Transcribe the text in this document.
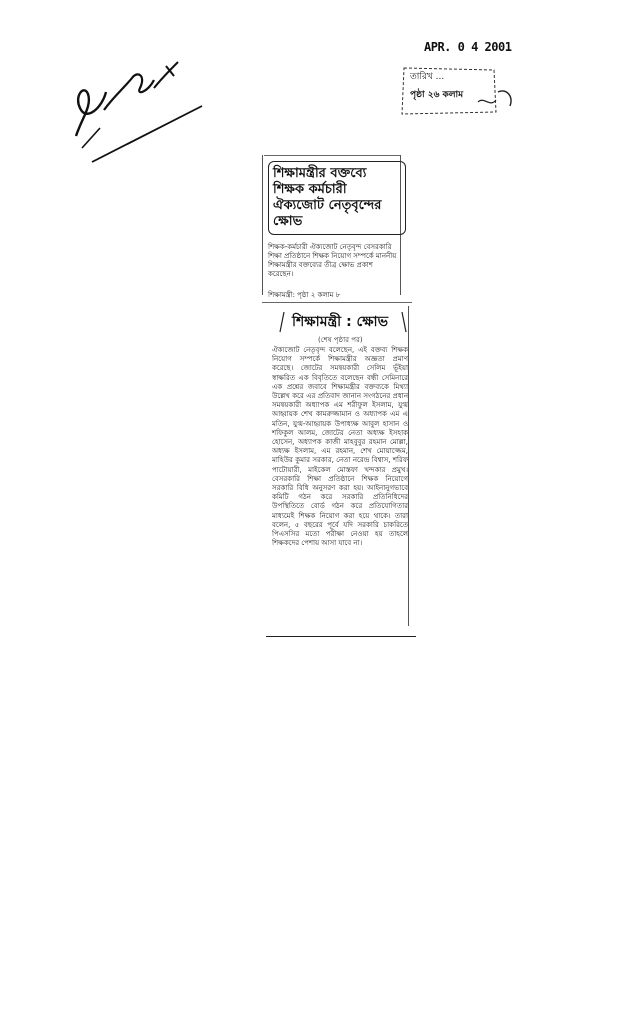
APR. 0 4 2001
তারিখ ...
পৃষ্ঠা ২৬ কলাম
শিক্ষামন্ত্রীর বক্তব্যে শিক্ষক কর্মচারী ঐক্যজোট নেতৃবৃন্দের ক্ষোভ
শিক্ষক-কর্মচারী ঐক্যজোট নেতৃবৃন্দ বেসরকারি শিক্ষা প্রতিষ্ঠানে শিক্ষক নিয়োগ সম্পর্কে মাননীয় শিক্ষামন্ত্রীর বক্তব্যের তীব্র ক্ষোভ প্রকাশ করেছেন।
শিক্ষামন্ত্রী: পৃষ্ঠা ২ কলাম ৮
শিক্ষামন্ত্রী : ক্ষোভ
(শেষ পৃষ্ঠার পর)
ঐক্যজোট নেতৃবৃন্দ বলেছেন, এই বক্তব্য শিক্ষক নিয়োগ সম্পর্কে শিক্ষামন্ত্রীর অজ্ঞতা প্রমাণ করেছে। জোটের সমন্বয়কারী সেলিম ভূঁইয়া স্বাক্ষরিত এক বিবৃতিতে বলেছেন বন্ধী সেমিনারে এক প্রশ্নের জবাবে শিক্ষামন্ত্রীর বক্তব্যকে মিথ্যা উল্লেখ করে এর প্রতিবাদ জানান সংগঠনের প্রধান সমন্বয়কারী অধ্যাপক এম শরীফুল ইসলাম, যুগ্ম আহ্বায়ক শেখ কামরুজ্জামান ও অধ্যাপক এম এ মতিন, যুগ্ম-আহ্বায়ক উপাধ্যক্ষ আবুল হাসান ও শফিকুল আলম, জোটের নেতা অধ্যক্ষ ইসহাক হোসেন, অধ্যাপক কাজী মাহবুবুর রহমান মোল্লা, অধ্যক্ষ ইসলাম, এম রহমান, শেখ মোয়াজ্জেম, মাহিউর কুমার সরকার, নেতা নরেন্দ্র বিশ্বাস, শরিফ পাটোয়ারী, মাইকেল মোস্তফা খন্দকার প্রমুখ। বেসরকারি শিক্ষা প্রতিষ্ঠানে শিক্ষক নিয়োগে সরকারি বিধি অনুসরণ করা হয়। আইনানুগভাবে কমিটি গঠন করে সরকারি প্রতিনিধিদের উপস্থিতিতে বোর্ড গঠন করে প্রতিযোগিতার মাধ্যমেই শিক্ষক নিয়োগ করা হয়ে থাকে। তারা বলেন, ৫ বছরের পূর্বে যদি সরকারি চাকরিতে পিএসসির মতো পরীক্ষা নেওয়া হয় তাহলে শিক্ষকদের পেশায় আসা যাবে না।
